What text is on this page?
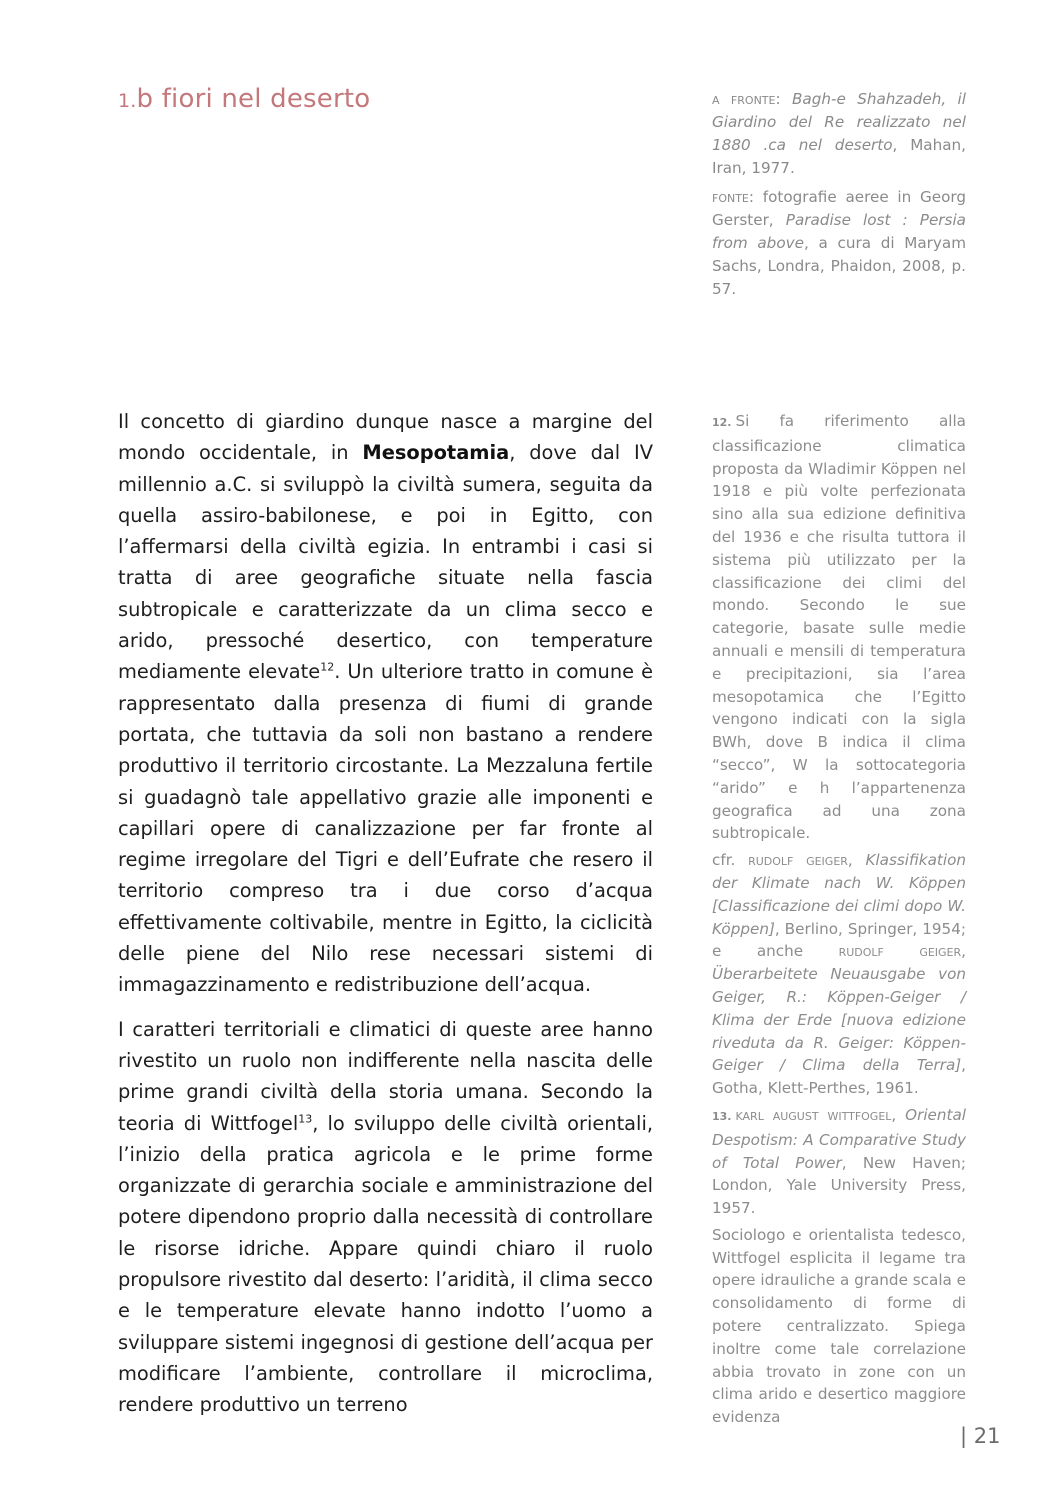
1.b fiori nel deserto	a fronte: Bagh-e Shahzadeh, il Giardino del Re realizzato nel 1880 .ca nel deserto, Mahan, Iran, 1977.

fonte: fotografie aeree in Georg Gerster, Paradise lost : Persia from above, a cura di Maryam Sachs, Londra, Phaidon, 2008, p. 57.

Il concetto di giardino dunque nasce a margine del mondo occidentale, in Mesopotamia, dove dal IV millennio a.C. si sviluppò la civiltà sumera, seguita da quella assiro-babilonese, e poi in Egitto, con l’affermarsi della civiltà egizia. In entrambi i casi si tratta di aree geografiche situate nella fascia subtropicale e caratterizzate da un clima secco e arido, pressoché desertico, con temperature mediamente elevate$^{12}$. Un ulteriore tratto in comune è rappresentato dalla presenza di fiumi di grande portata, che tuttavia da soli non bastano a rendere produttivo il territorio circostante. La Mezzaluna fertile si guadagnò tale appellativo grazie alle imponenti e capillari opere di canalizzazione per far fronte al regime irregolare del Tigri e dell’Eufrate che resero il territorio compreso tra i due corso d’acqua effettivamente coltivabile, mentre in Egitto, la ciclicità delle piene del Nilo rese necessari sistemi di immagazzinamento e redistribuzione dell’acqua.

I caratteri territoriali e climatici di queste aree hanno rivestito un ruolo non indifferente nella nascita delle prime grandi civiltà della storia umana. Secondo la teoria di Wittfogel$^{13}$, lo sviluppo delle civiltà orientali, l’inizio della pratica agricola e le prime forme organizzate di gerarchia sociale e amministrazione del potere dipendono proprio dalla necessità di controllare le risorse idriche. Appare quindi chiaro il ruolo propulsore rivestito dal deserto: l’aridità, il clima secco e le temperature elevate hanno indotto l’uomo a sviluppare sistemi ingegnosi di gestione dell’acqua per modificare l’ambiente, controllare il microclima, rendere produttivo un terreno

12. Si fa riferimento alla classificazione climatica proposta da Wladimir Köppen nel 1918 e più volte perfezionata sino alla sua edizione definitiva del 1936 e che risulta tuttora il sistema più utilizzato per la classificazione dei climi del mondo. Secondo le sue categorie, basate sulle medie annuali e mensili di temperatura e precipitazioni, sia l’area mesopotamica che l’Egitto vengono indicati con la sigla BWh, dove B indica il clima “secco”, W la sottocategoria “arido” e h l’appartenenza geografica ad una zona subtropicale.

cfr. rudolf geiger, Klassifikation der Klimate nach W. Köppen [Classificazione dei climi dopo W. Köppen], Berlino, Springer, 1954; e anche rudolf geiger, Überarbeitete Neuausgabe von Geiger, R.: Köppen-Geiger / Klima der Erde [nuova edizione riveduta da R. Geiger: Köppen-Geiger / Clima della Terra], Gotha, Klett-Perthes, 1961.

13. karl august wittfogel, Oriental Despotism: A Comparative Study of Total Power, New Haven; London, Yale University Press, 1957.

Sociologo e orientalista tedesco, Wittfogel esplicita il legame tra opere idrauliche a grande scala e consolidamento di forme di potere centralizzato. Spiega inoltre come tale correlazione abbia trovato in zone con un clima arido e desertico maggiore evidenza

| 21
